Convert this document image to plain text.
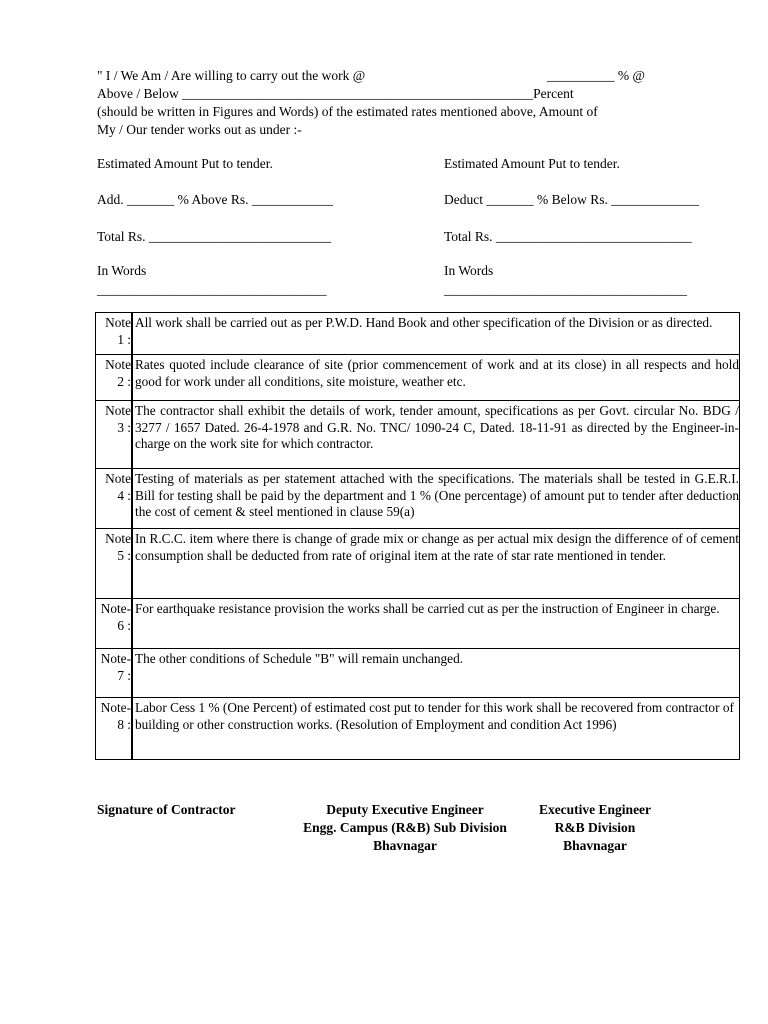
" I / We Am / Are willing to carry out the work @	__________ % @
Above / Below ____________________________________________________Percent
(should be written in Figures and Words) of the estimated rates mentioned above, Amount of
My / Our tender works out as under :-
Estimated Amount Put to tender.
Add. _______ % Above Rs. ____________
Total Rs. ___________________________
In Words
__________________________________
Estimated Amount Put to tender.
Deduct _______ % Below Rs. _____________
Total Rs. _____________________________
In Words
____________________________________
Note
1 :	All work shall be carried out as per P.W.D. Hand Book and other specification of the Division or as directed.

Note
2 :	Rates quoted include clearance of site (prior commencement of work and at its close) in all respects and hold good for work under all conditions, site moisture, weather etc.

Note
3 :	The contractor shall exhibit the details of work, tender amount, specifications as per Govt. circular No. BDG / 3277 / 1657 Dated. 26-4-1978 and G.R. No. TNC/ 1090-24 C, Dated. 18-11-91 as directed by the Engineer-in-charge on the work site for which contractor.

Note
4 :	Testing of materials as per statement attached with the specifications. The materials shall be tested in G.E.R.I. Bill for testing shall be paid by the department and 1 % (One percentage) of amount put to tender after deduction the cost of cement & steel mentioned in clause 59(a)

Note
5 :	In R.C.C. item where there is change of grade mix or change as per actual mix design the difference of of cement consumption shall be deducted from rate of original item at the rate of star rate mentioned in tender.

Note-
6 :	For earthquake resistance provision the works shall be carried cut as per the instruction of Engineer in charge.

Note-
7 :	The other conditions of Schedule "B" will remain unchanged.

Note-
8 :	Labor Cess 1 % (One Percent) of estimated cost put to tender for this work shall be recovered from contractor of building or other construction works. (Resolution of Employment and condition Act 1996)
Signature of Contractor	Deputy Executive Engineer
Engg. Campus (R&B) Sub Division
Bhavnagar
Executive Engineer
R&B Division
Bhavnagar
